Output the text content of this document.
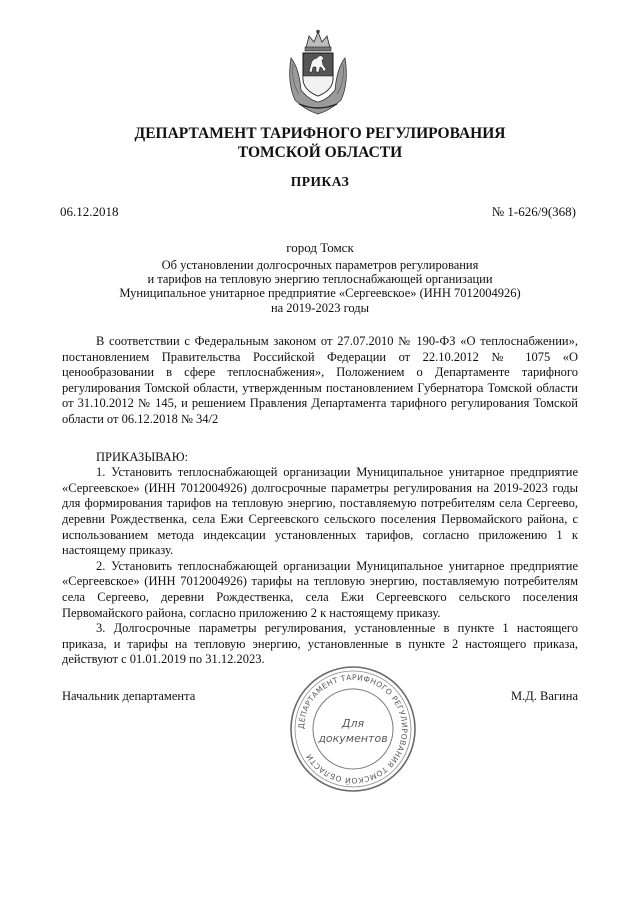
ДЕПАРТАМЕНТ ТАРИФНОГО РЕГУЛИРОВАНИЯ
ТОМСКОЙ ОБЛАСТИ
ПРИКАЗ
06.12.2018	№ 1-626/9(368)
город Томск
Об установлении долгосрочных параметров регулирования
и тарифов на тепловую энергию теплоснабжающей организации
Муниципальное унитарное предприятие «Сергеевское» (ИНН 7012004926)
на 2019-2023 годы

В соответствии с Федеральным законом от 27.07.2010 № 190-ФЗ «О теплоснабжении», постановлением Правительства Российской Федерации от 22.10.2012 № 1075 «О ценообразовании в сфере теплоснабжения», Положением о Департаменте тарифного регулирования Томской области, утвержденным постановлением Губернатора Томской области от 31.10.2012 № 145, и решением Правления Департамента тарифного регулирования Томской области от 06.12.2018 № 34/2

ПРИКАЗЫВАЮ:

1. Установить теплоснабжающей организации Муниципальное унитарное предприятие «Сергеевское» (ИНН 7012004926) долгосрочные параметры регулирования на 2019-2023 годы для формирования тарифов на тепловую энергию, поставляемую потребителям села Сергеево, деревни Рождественка, села Ежи Сергеевского сельского поселения Первомайского района, с использованием метода индексации установленных тарифов, согласно приложению 1 к настоящему приказу.

2. Установить теплоснабжающей организации Муниципальное унитарное предприятие «Сергеевское» (ИНН 7012004926) тарифы на тепловую энергию, поставляемую потребителям села Сергеево, деревни Рождественка, села Ежи Сергеевского сельского поселения Первомайского района, согласно приложению 2 к настоящему приказу.

3. Долгосрочные параметры регулирования, установленные в пункте 1 настоящего приказа, и тарифы на тепловую энергию, установленные в пункте 2 настоящего приказа, действуют с 01.01.2019 по 31.12.2023.

ДЕПАРТАМЕНТ ТАРИФНОГО РЕГУЛИРОВАНИЯ ТОМСКОЙ ОБЛАСТИ
Для
документов
Начальник департамента	М.Д. Вагина
